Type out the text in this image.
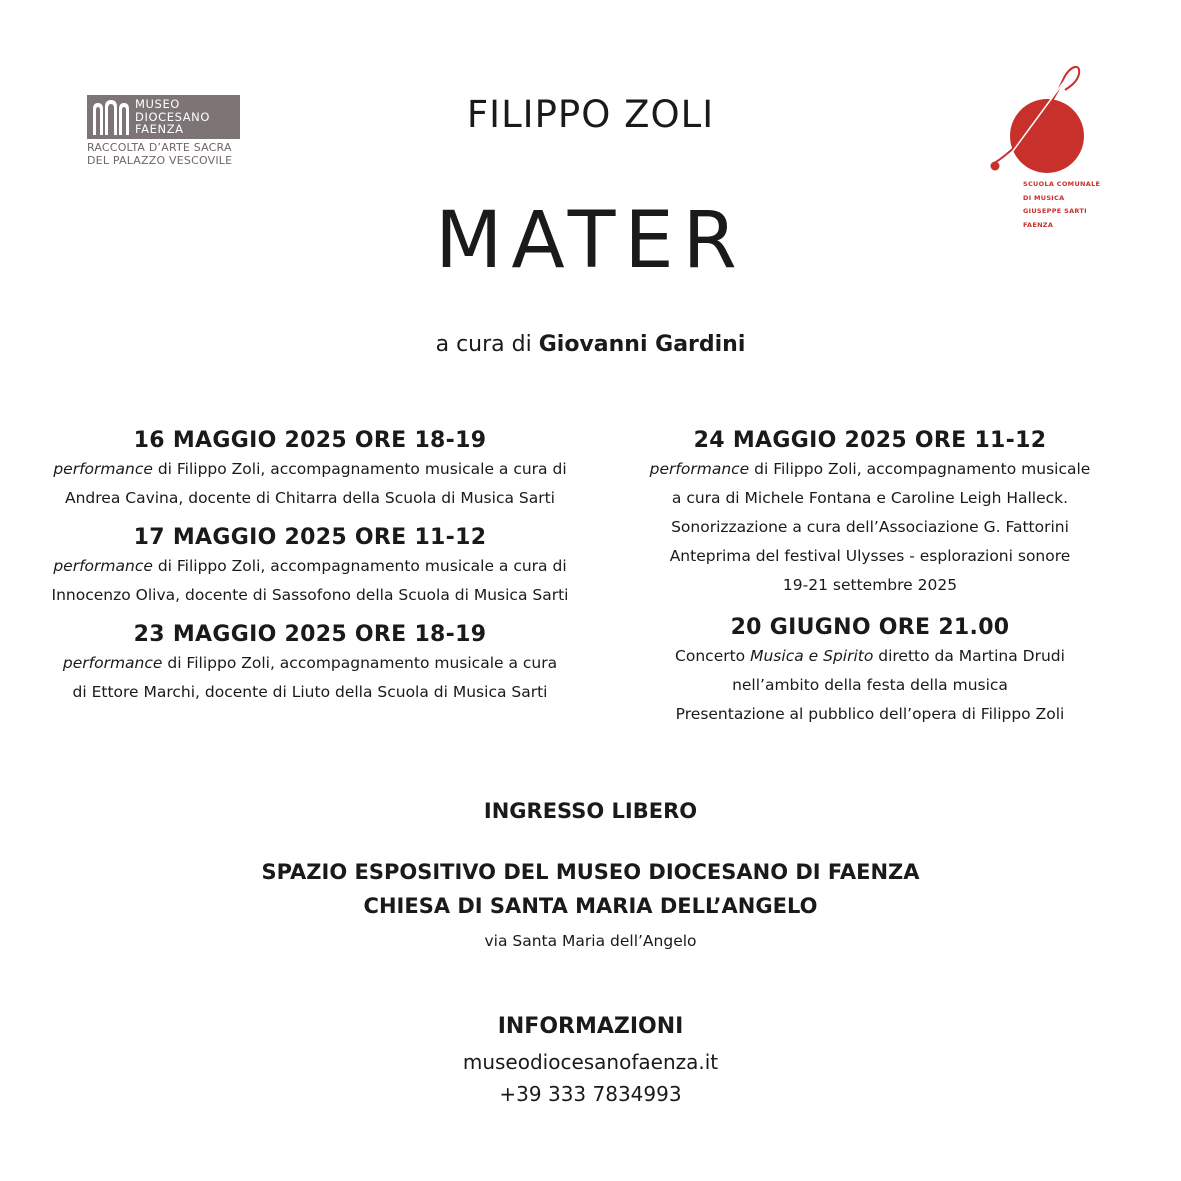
MUSEO
DIOCESANO
FAENZA
RACCOLTA D’ARTE SACRA
DEL PALAZZO VESCOVILE
SCUOLA COMUNALE
DI MUSICA
GIUSEPPE SARTI
FAENZA
FILIPPO ZOLI
MATER
a cura di Giovanni Gardini
16 MAGGIO 2025 ORE 18-19
performance di Filippo Zoli, accompagnamento musicale a cura di
Andrea Cavina, docente di Chitarra della Scuola di Musica Sarti
17 MAGGIO 2025 ORE 11-12
performance di Filippo Zoli, accompagnamento musicale a cura di
Innocenzo Oliva, docente di Sassofono della Scuola di Musica Sarti
23 MAGGIO 2025 ORE 18-19
performance di Filippo Zoli, accompagnamento musicale a cura
di Ettore Marchi, docente di Liuto della Scuola di Musica Sarti
24 MAGGIO 2025 ORE 11-12
performance di Filippo Zoli, accompagnamento musicale
a cura di Michele Fontana e Caroline Leigh Halleck.
Sonorizzazione a cura dell’Associazione G. Fattorini
Anteprima del festival Ulysses - esplorazioni sonore
19-21 settembre 2025
20 GIUGNO ORE 21.00
Concerto Musica e Spirito diretto da Martina Drudi
nell’ambito della festa della musica
Presentazione al pubblico dell’opera di Filippo Zoli
INGRESSO LIBERO
SPAZIO ESPOSITIVO DEL MUSEO DIOCESANO DI FAENZA
CHIESA DI SANTA MARIA DELL’ANGELO
via Santa Maria dell’Angelo
INFORMAZIONI
museodiocesanofaenza.it
+39 333 7834993
